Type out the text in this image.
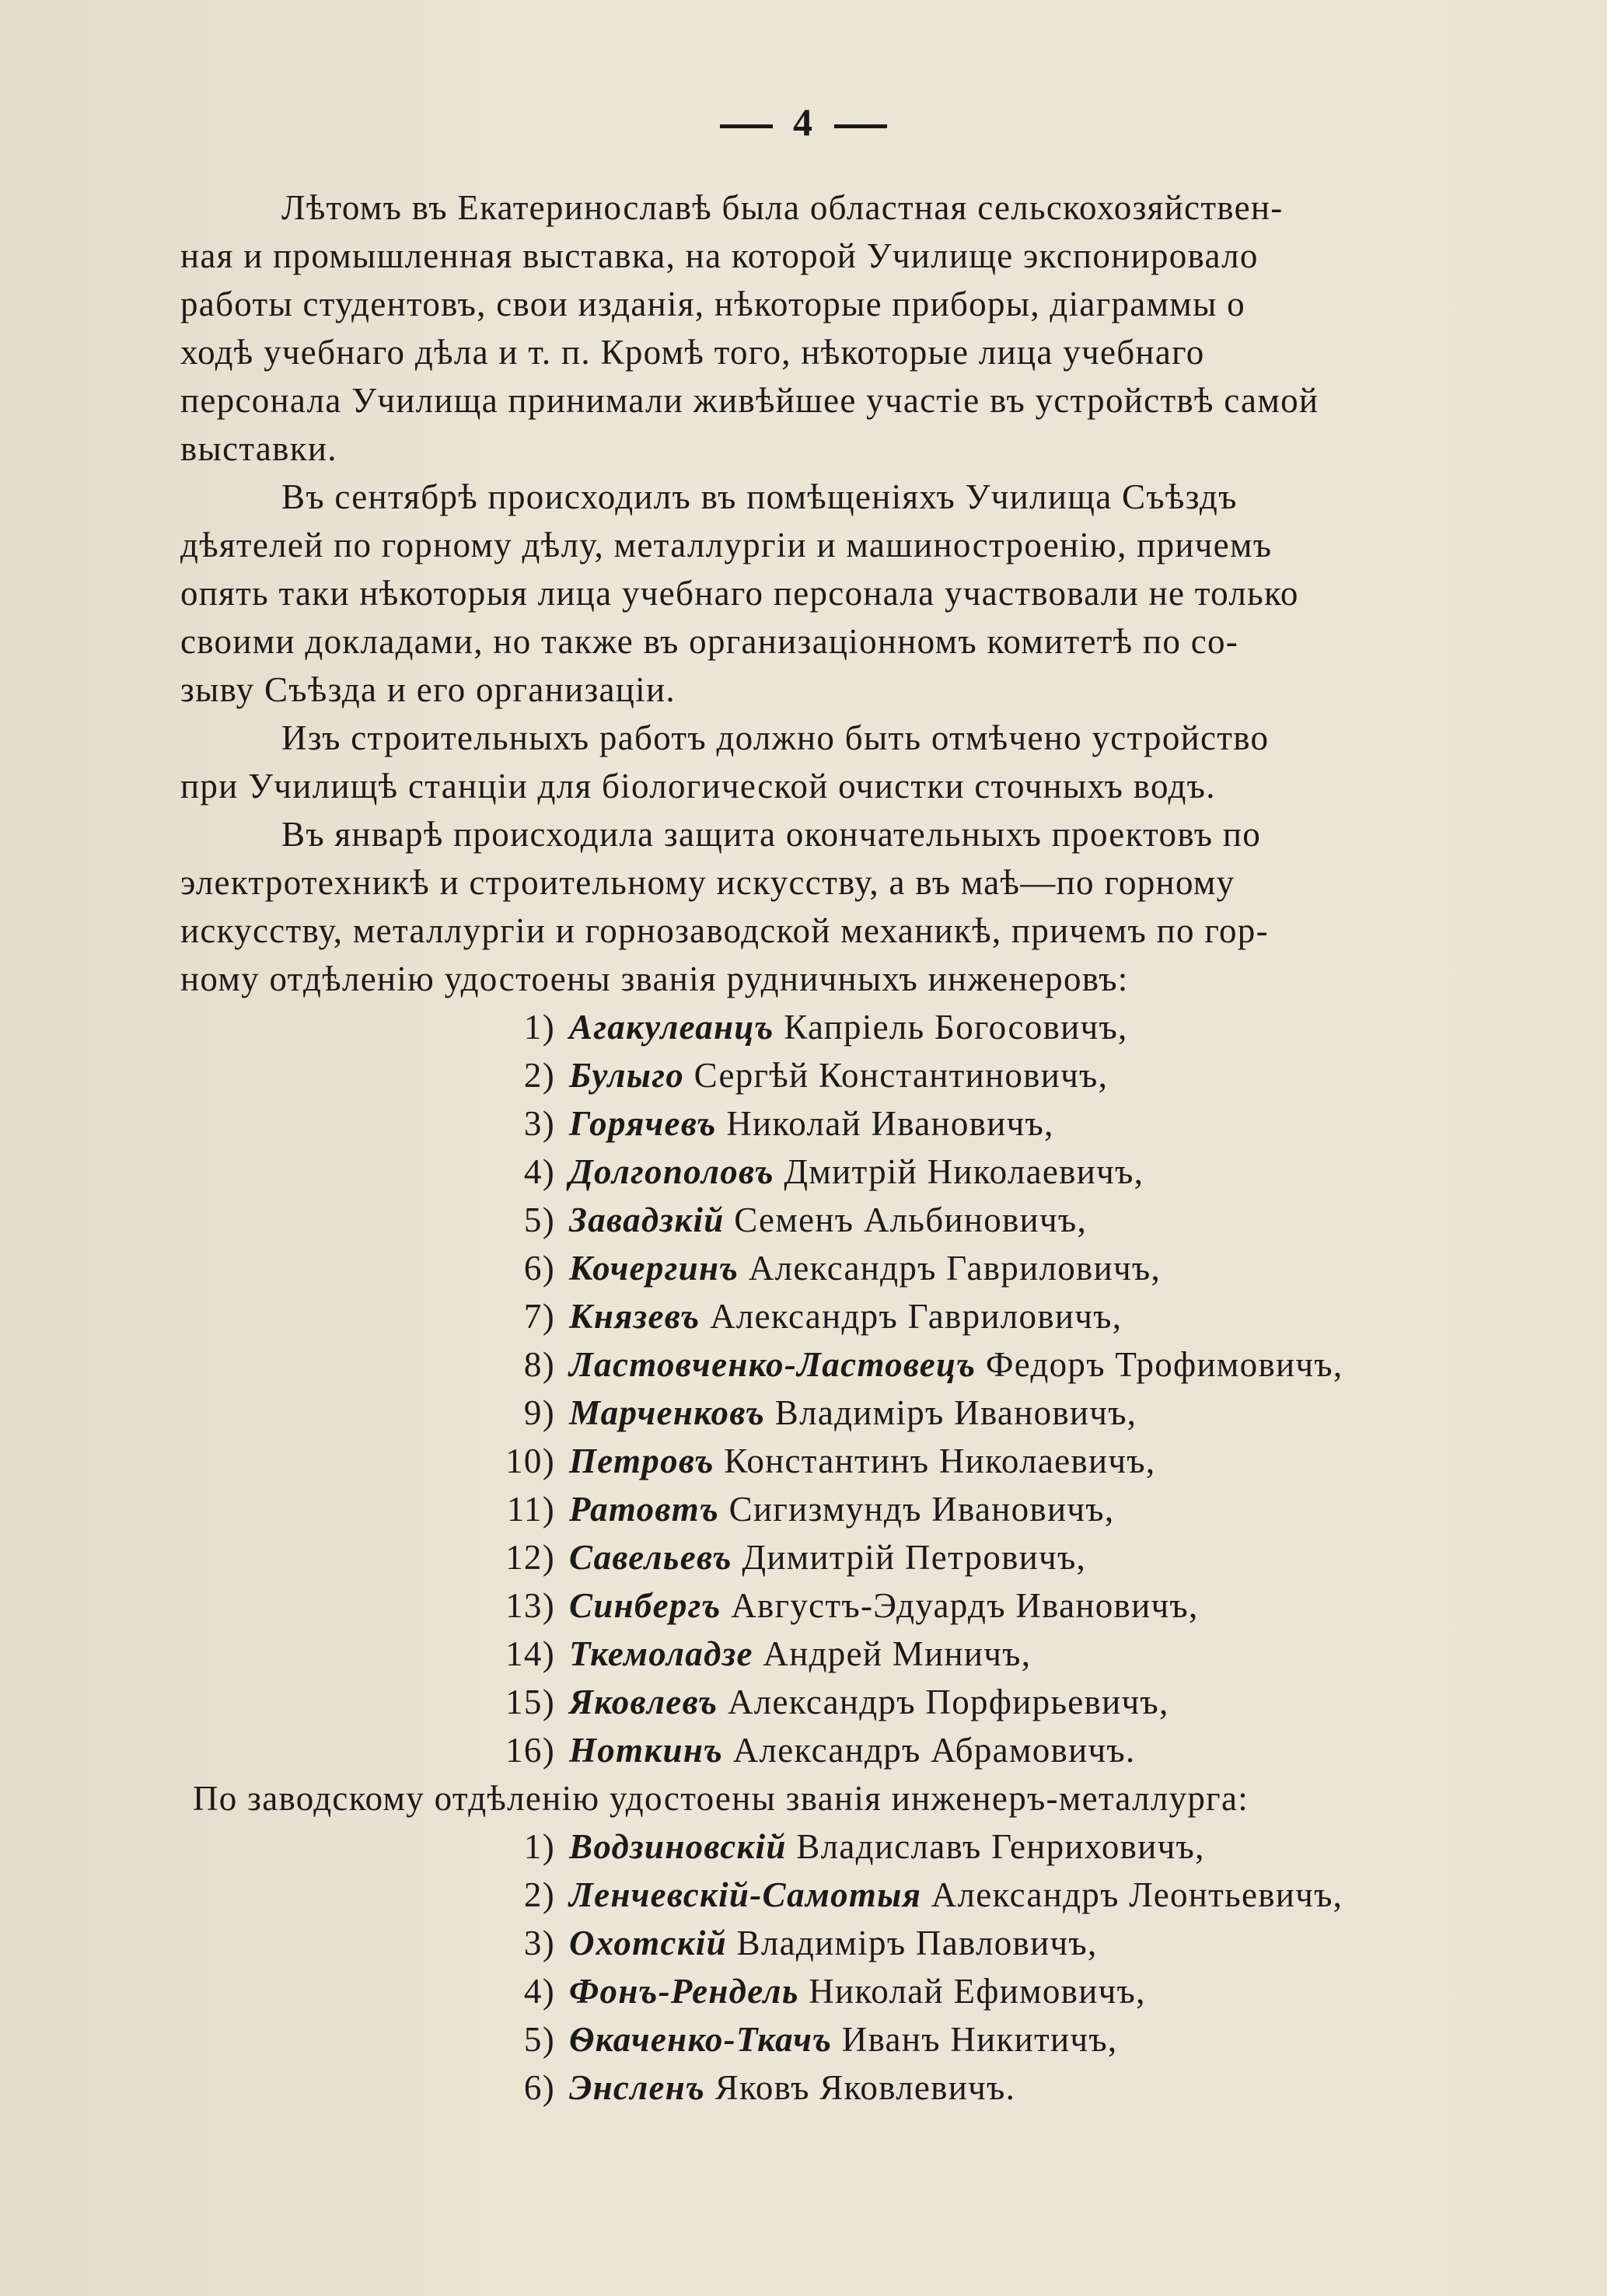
4
Лѣтомъ въ Екатеринославѣ была областная сельскохозяйствен-
ная и промышленная выставка, на которой Училище экспонировало
работы студентовъ, свои изданія, нѣкоторые приборы, діаграммы о
ходѣ учебнаго дѣла и т. п. Кромѣ того, нѣкоторые лица учебнаго
персонала Училища принимали живѣйшее участіе въ устройствѣ самой
выставки.
Въ сентябрѣ происходилъ въ помѣщеніяхъ Училища Съѣздъ
дѣятелей по горному дѣлу, металлургіи и машиностроенію, причемъ
опять таки нѣкоторыя лица учебнаго персонала участвовали не только
своими докладами, но также въ организаціонномъ комитетѣ по со-
зыву Съѣзда и его организаціи.
Изъ строительныхъ работъ должно быть отмѣчено устройство
при Училищѣ станціи для біологической очистки сточныхъ водъ.
Въ январѣ происходила защита окончательныхъ проектовъ по
электротехникѣ и строительному искусству, а въ маѣ—по горному
искусству, металлургіи и горнозаводской механикѣ, причемъ по гор-
ному отдѣленію удостоены званія рудничныхъ инженеровъ:
1) Агакулеанцъ Капріель Богосовичъ,
2) Булыго Сергѣй Константиновичъ,
3) Горячевъ Николай Ивановичъ,
4) Долгополовъ Дмитрій Николаевичъ,
5) Завадзкій Семенъ Альбиновичъ,
6) Кочергинъ Александръ Гавриловичъ,
7) Князевъ Александръ Гавриловичъ,
8) Ластовченко-Ластовецъ Федоръ Трофимовичъ,
9) Марченковъ Владиміръ Ивановичъ,
10) Петровъ Константинъ Николаевичъ,
11) Ратовтъ Сигизмундъ Ивановичъ,
12) Савельевъ Димитрій Петровичъ,
13) Синбергъ Августъ-Эдуардъ Ивановичъ,
14) Ткемоладзе Андрей Миничъ,
15) Яковлевъ Александръ Порфирьевичъ,
16) Ноткинъ Александръ Абрамовичъ.
По заводскому отдѣленію удостоены званія инженеръ-металлурга:
1) Водзиновскій Владиславъ Генриховичъ,
2) Ленчевскій-Самотыя Александръ Леонтьевичъ,
3) Охотскій Владиміръ Павловичъ,
4) Фонъ-Рендель Николай Ефимовичъ,
5) Ѳкаченко-Ткачъ Иванъ Никитичъ,
6) Энсленъ Яковъ Яковлевичъ.
